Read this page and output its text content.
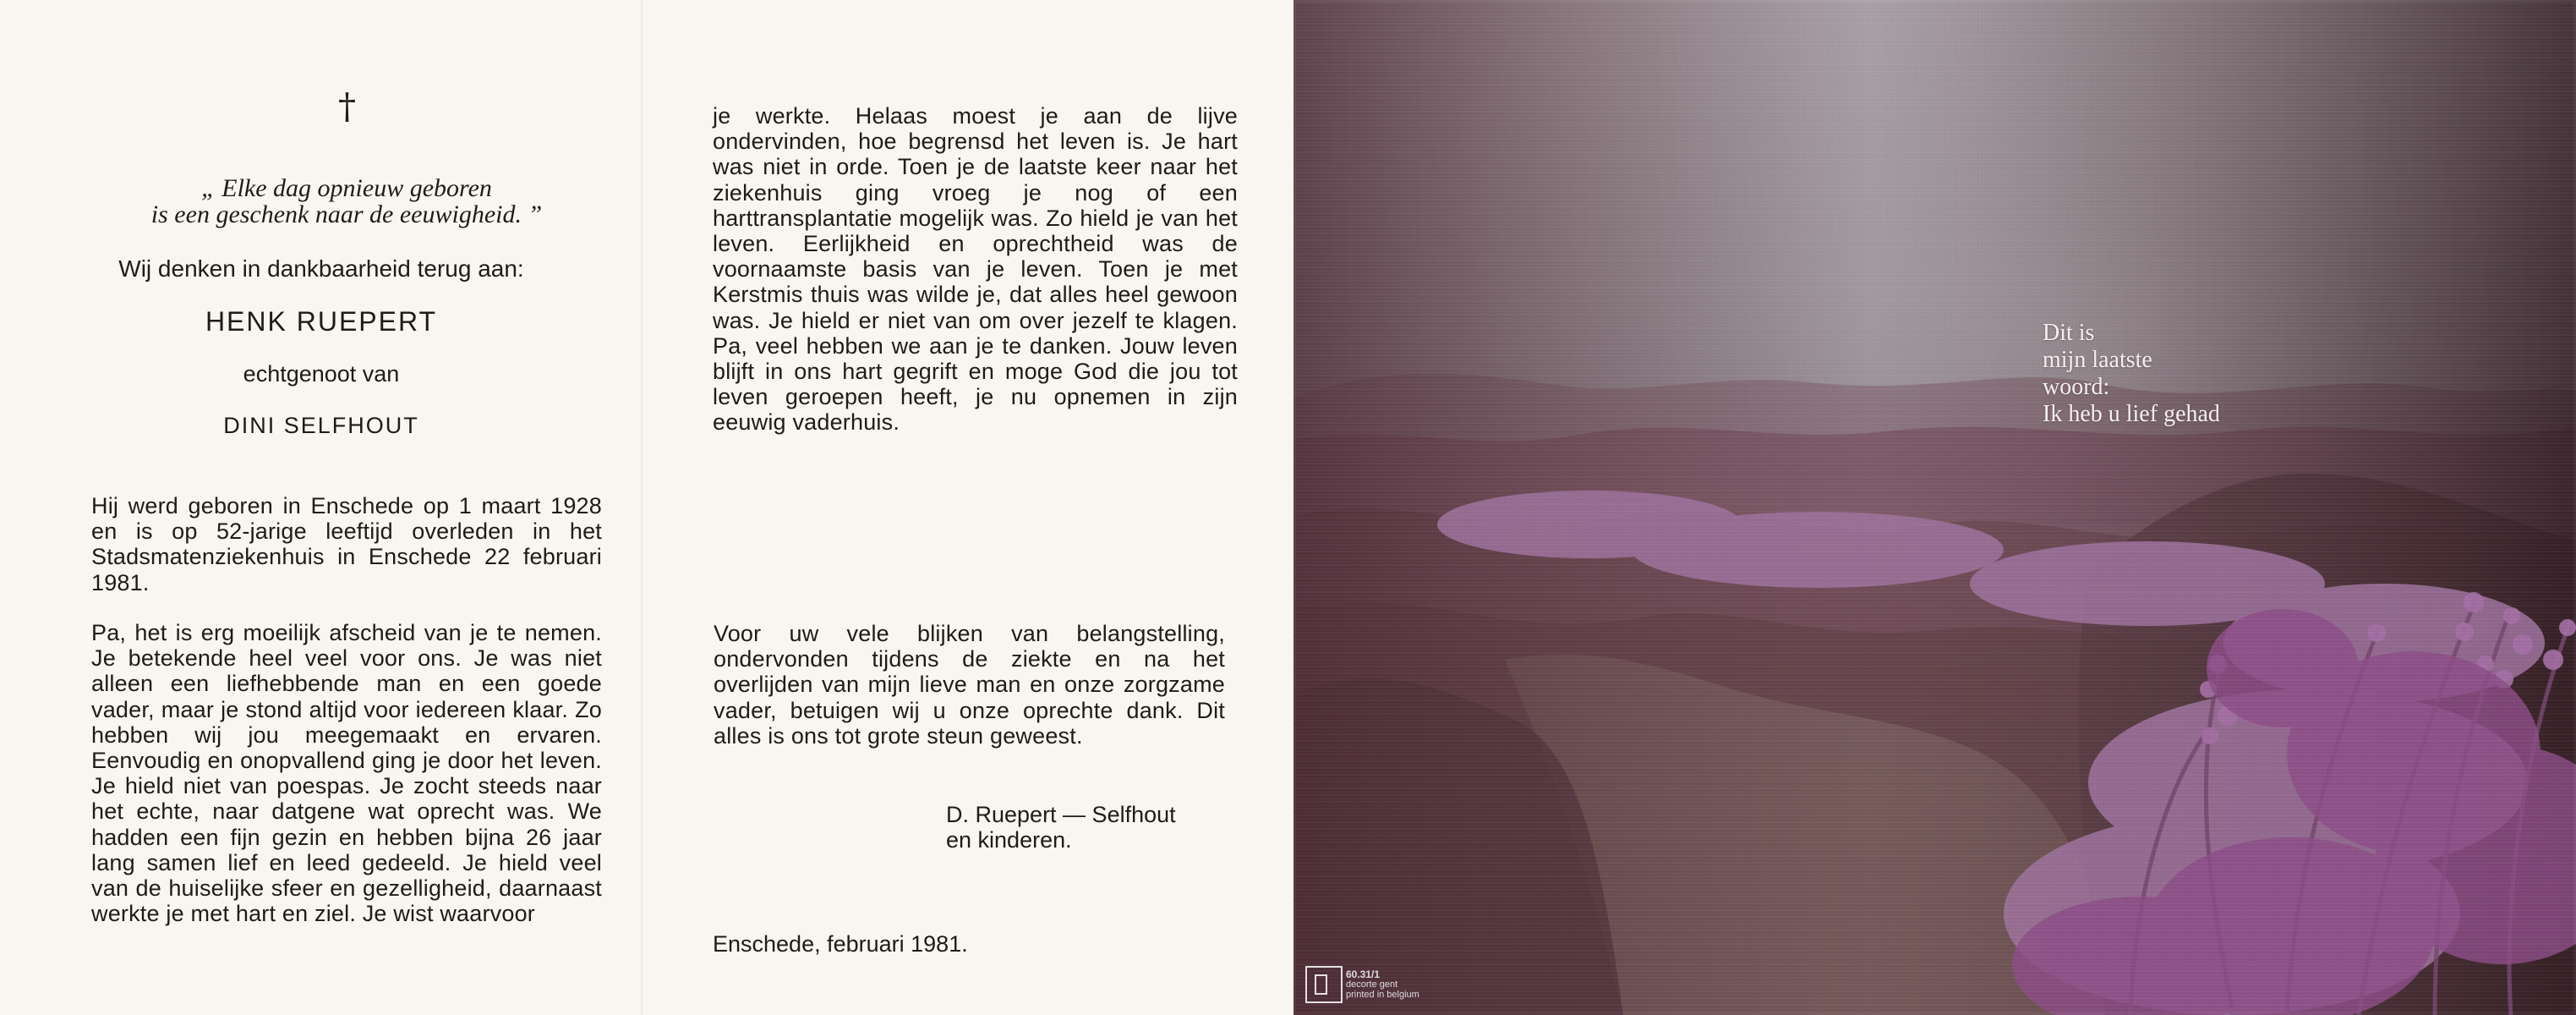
†
„ Elke dag opnieuw geboren
is een geschenk naar de eeuwigheid. ”
Wij denken in dankbaarheid terug aan:
HENK RUEPERT
echtgenoot van
DINI SELFHOUT

Hij werd geboren in Enschede op 1 maart 1928 en is op 52-jarige leeftijd overleden in het Stadsmatenziekenhuis in Enschede 22 februari 1981.

Pa, het is erg moeilijk afscheid van je te nemen. Je betekende heel veel voor ons. Je was niet alleen een liefhebbende man en een goede vader, maar je stond altijd voor iedereen klaar. Zo hebben wij jou meegemaakt en ervaren. Eenvoudig en onopvallend ging je door het leven. Je hield niet van poespas. Je zocht steeds naar het echte, naar datgene wat oprecht was. We hadden een fijn gezin en hebben bijna 26 jaar lang samen lief en leed gedeeld. Je hield veel van de huiselijke sfeer en gezelligheid, daarnaast werkte je met hart en ziel. Je wist waarvoor

je werkte. Helaas moest je aan de lijve ondervinden, hoe begrensd het leven is. Je hart was niet in orde. Toen je de laatste keer naar het ziekenhuis ging vroeg je nog of een harttransplantatie mogelijk was. Zo hield je van het leven. Eerlijkheid en oprechtheid was de voornaamste basis van je leven. Toen je met Kerstmis thuis was wilde je, dat alles heel gewoon was. Je hield er niet van om over jezelf te klagen. Pa, veel hebben we aan je te danken. Jouw leven blijft in ons hart gegrift en moge God die jou tot leven geroepen heeft, je nu opnemen in zijn eeuwig vaderhuis.

Voor uw vele blijken van belangstelling, ondervonden tijdens de ziekte en na het overlijden van mijn lieve man en onze zorgzame vader, betuigen wij u onze oprechte dank. Dit alles is ons tot grote steun geweest.

D. Ruepert — Selfhout
en kinderen.
Enschede, februari 1981.
Dit is
mijn laatste
woord:
Ik heb u lief gehad
60.31/1
decorte gent
printed in belgium
